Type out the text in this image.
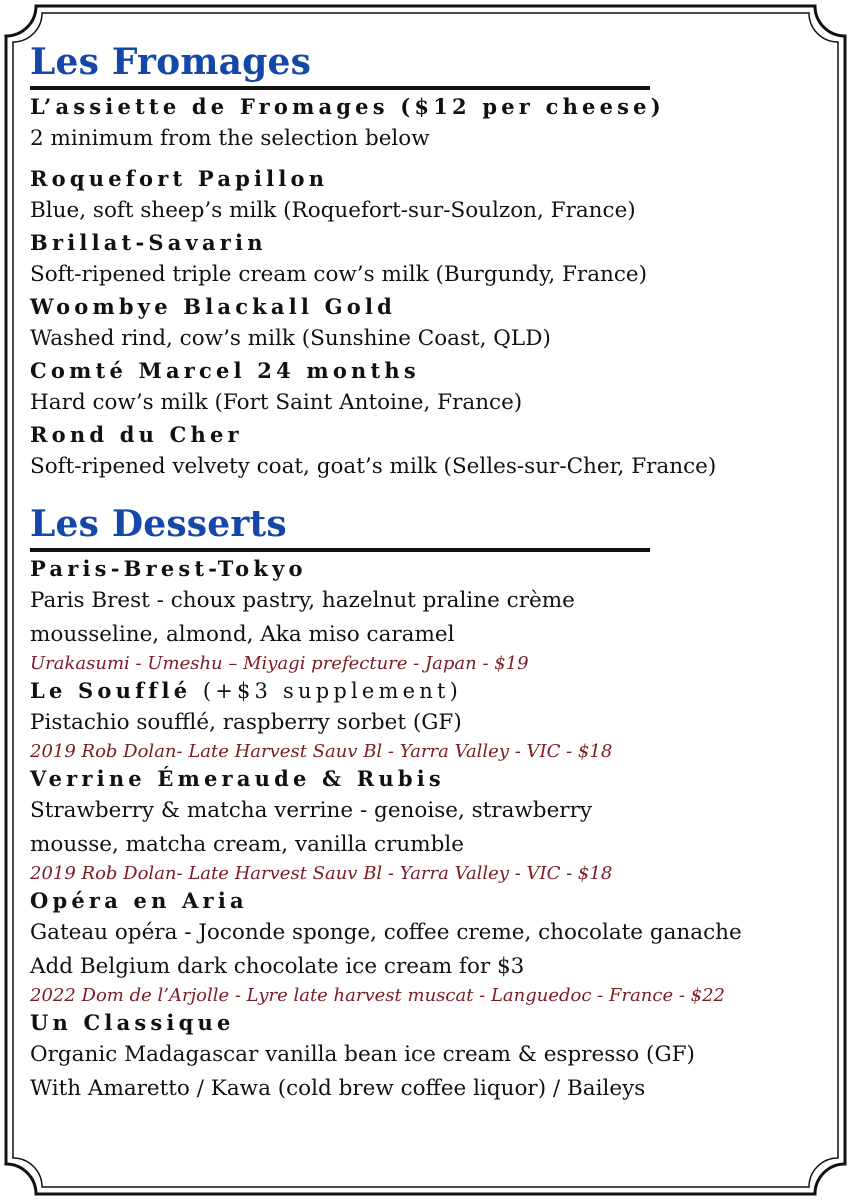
Les Fromages
L’assiette de Fromages ($12 per cheese)
2 minimum from the selection below
Roquefort Papillon
Blue, soft sheep’s milk (Roquefort-sur-Soulzon, France)
Brillat-Savarin
Soft-ripened triple cream cow’s milk (Burgundy, France)
Woombye Blackall Gold
Washed rind, cow’s milk (Sunshine Coast, QLD)
Comté Marcel 24 months
Hard cow’s milk (Fort Saint Antoine, France)
Rond du Cher
Soft-ripened velvety coat, goat’s milk (Selles-sur-Cher, France)
Les Desserts
Paris-Brest-Tokyo
Paris Brest - choux pastry, hazelnut praline crème
mousseline, almond, Aka miso caramel
Urakasumi - Umeshu – Miyagi prefecture - Japan - $19
Le Soufflé (+$3 supplement)
Pistachio soufflé, raspberry sorbet (GF)
2019 Rob Dolan- Late Harvest Sauv Bl - Yarra Valley - VIC - $18
Verrine Émeraude & Rubis
Strawberry & matcha verrine - genoise, strawberry
mousse, matcha cream, vanilla crumble
2019 Rob Dolan- Late Harvest Sauv Bl - Yarra Valley - VIC - $18
Opéra en Aria
Gateau opéra - Joconde sponge, coffee creme, chocolate ganache
Add Belgium dark chocolate ice cream for $3
2022 Dom de l’Arjolle - Lyre late harvest muscat - Languedoc - France - $22
Un Classique
Organic Madagascar vanilla bean ice cream & espresso (GF)
With Amaretto / Kawa (cold brew coffee liquor) / Baileys
